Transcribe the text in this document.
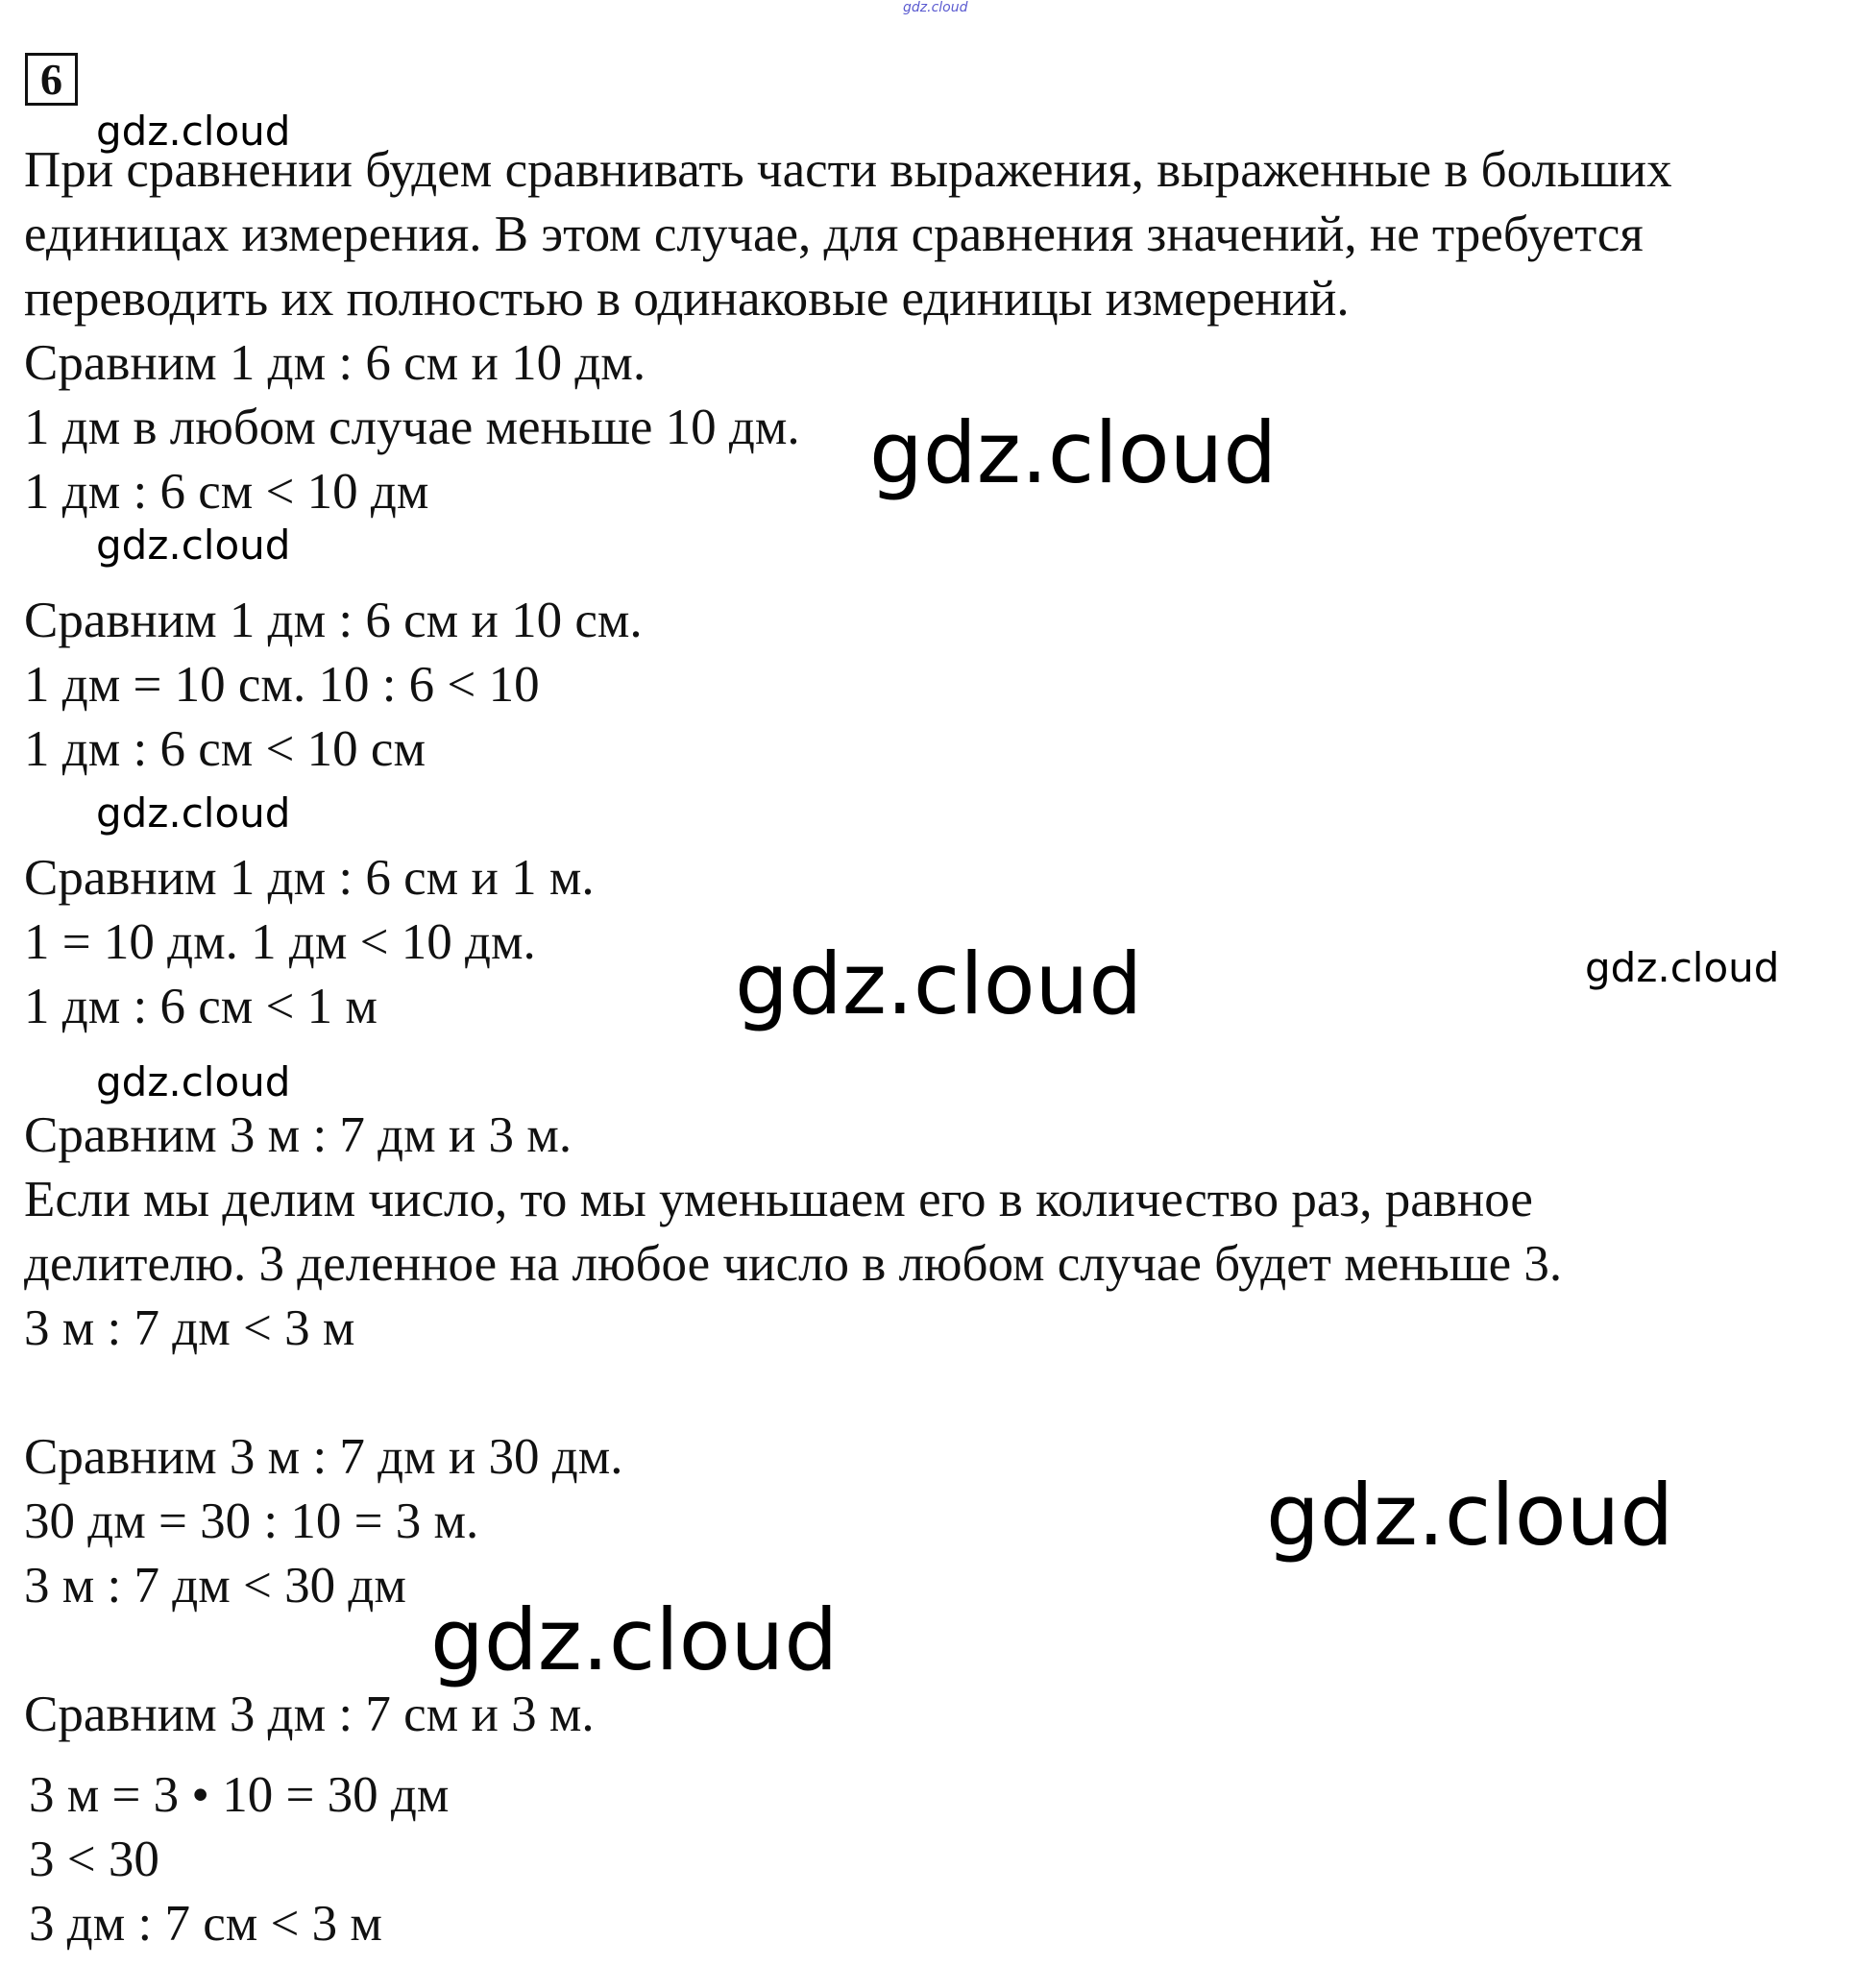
gdz.cloud
6
gdz.cloud
gdz.cloud
gdz.cloud
gdz.cloud
gdz.cloud
При сравнении будем сравнивать части выражения, выраженные в больших
единицах измерения. В этом случае, для сравнения значений, не требуется
переводить их полностью в одинаковые единицы измерений.
Сравним 1 дм : 6 см и 10 дм.
1 дм в любом случае меньше 10 дм.
1 дм : 6 см < 10 дм
Сравним 1 дм : 6 см и 10 см.
1 дм = 10 см. 10 : 6 < 10
1 дм : 6 см < 10 см
Сравним 1 дм : 6 см и 1 м.
1 = 10 дм. 1 дм < 10 дм.
1 дм : 6 см < 1 м
Сравним 3 м : 7 дм и 3 м.
Если мы делим число, то мы уменьшаем его в количество раз, равное
делителю. 3 деленное на любое число в любом случае будет меньше 3.
3 м : 7 дм < 3 м
Сравним 3 м : 7 дм и 30 дм.
30 дм = 30 : 10 = 3 м.
3 м : 7 дм < 30 дм
Сравним 3 дм : 7 см и 3 м.
3 м = 3 • 10 = 30 дм
3 < 30
3 дм : 7 см < 3 м
gdz.cloud
gdz.cloud
gdz.cloud
gdz.cloud
